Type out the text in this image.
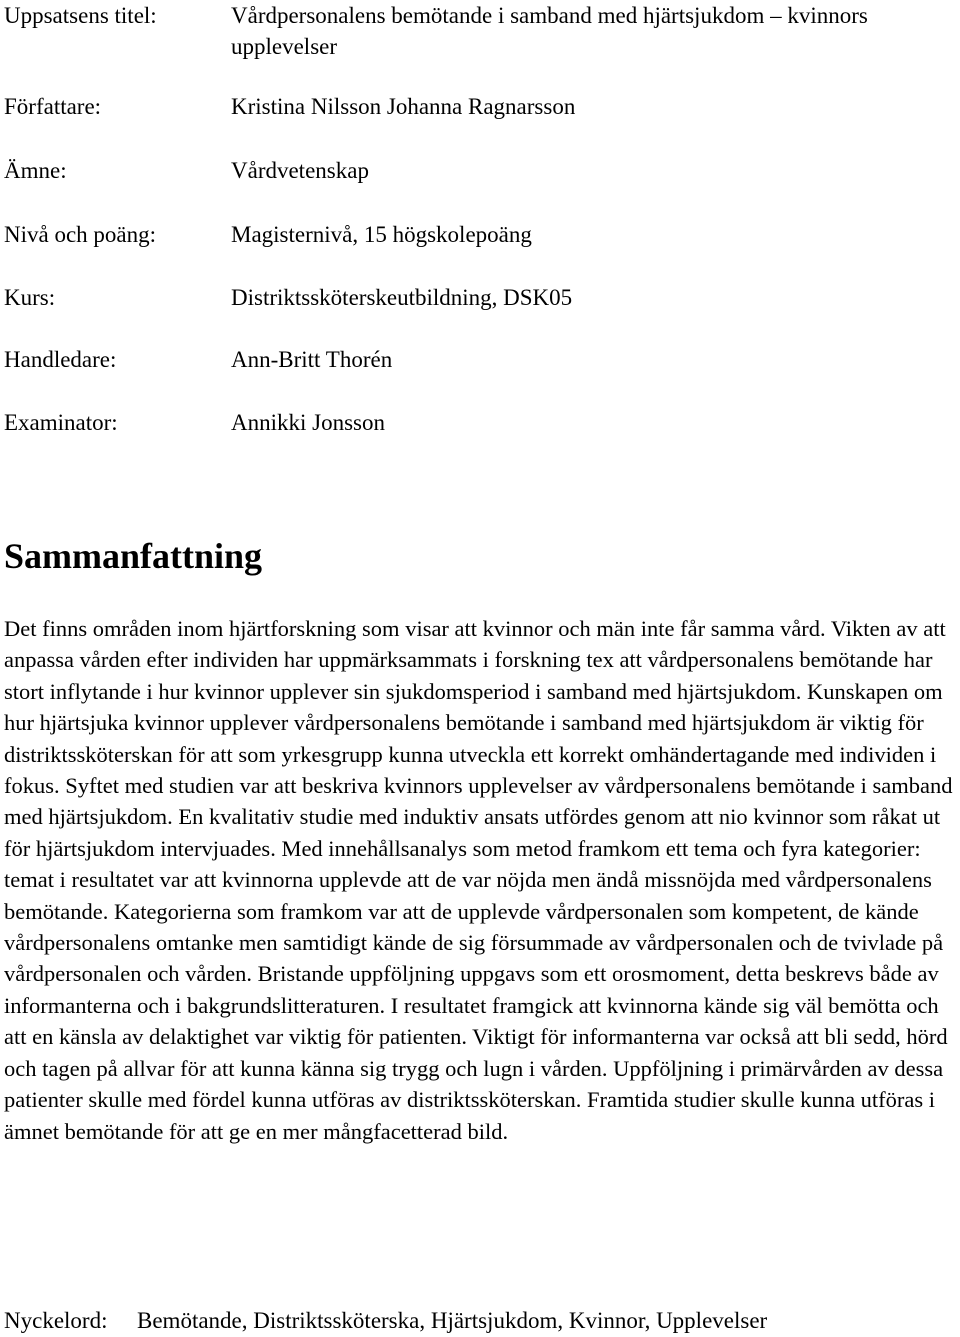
Uppsatsens titel:	Vårdpersonalens bemötande i samband med hjärtsjukdom – kvinnors upplevelser
Författare:	Kristina Nilsson Johanna Ragnarsson
Ämne:	Vårdvetenskap
Nivå och poäng:	Magisternivå, 15 högskolepoäng
Kurs:	Distriktssköterskeutbildning, DSK05
Handledare:	Ann-Britt Thorén
Examinator:	Annikki Jonsson
Sammanfattning

Det finns områden inom hjärtforskning som visar att kvinnor och män inte får samma vård. Vikten av att anpassa vården efter individen har uppmärksammats i forskning tex att vårdpersonalens bemötande har stort inflytande i hur kvinnor upplever sin sjukdomsperiod i samband med hjärtsjukdom. Kunskapen om hur hjärtsjuka kvinnor upplever vårdpersonalens bemötande i samband med hjärtsjukdom är viktig för distriktssköterskan för att som yrkesgrupp kunna utveckla ett korrekt omhändertagande med individen i fokus. Syftet med studien var att beskriva kvinnors upplevelser av vårdpersonalens bemötande i samband med hjärtsjukdom. En kvalitativ studie med induktiv ansats utfördes genom att nio kvinnor som råkat ut för hjärtsjukdom intervjuades. Med innehållsanalys som metod framkom ett tema och fyra kategorier: temat i resultatet var att kvinnorna upplevde att de var nöjda men ändå missnöjda med vårdpersonalens bemötande. Kategorierna som framkom var att de upplevde vårdpersonalen som kompetent, de kände vårdpersonalens omtanke men samtidigt kände de sig försummade av vårdpersonalen och de tvivlade på vårdpersonalen och vården. Bristande uppföljning uppgavs som ett orosmoment, detta beskrevs både av informanterna och i bakgrundslitteraturen. I resultatet framgick att kvinnorna kände sig väl bemötta och att en känsla av delaktighet var viktig för patienten. Viktigt för informanterna var också att bli sedd, hörd och tagen på allvar för att kunna känna sig trygg och lugn i vården. Uppföljning i primärvården av dessa patienter skulle med fördel kunna utföras av distriktssköterskan. Framtida studier skulle kunna utföras i ämnet bemötande för att ge en mer mångfacetterad bild.

Nyckelord: Bemötande, Distriktssköterska, Hjärtsjukdom, Kvinnor, Upplevelser
